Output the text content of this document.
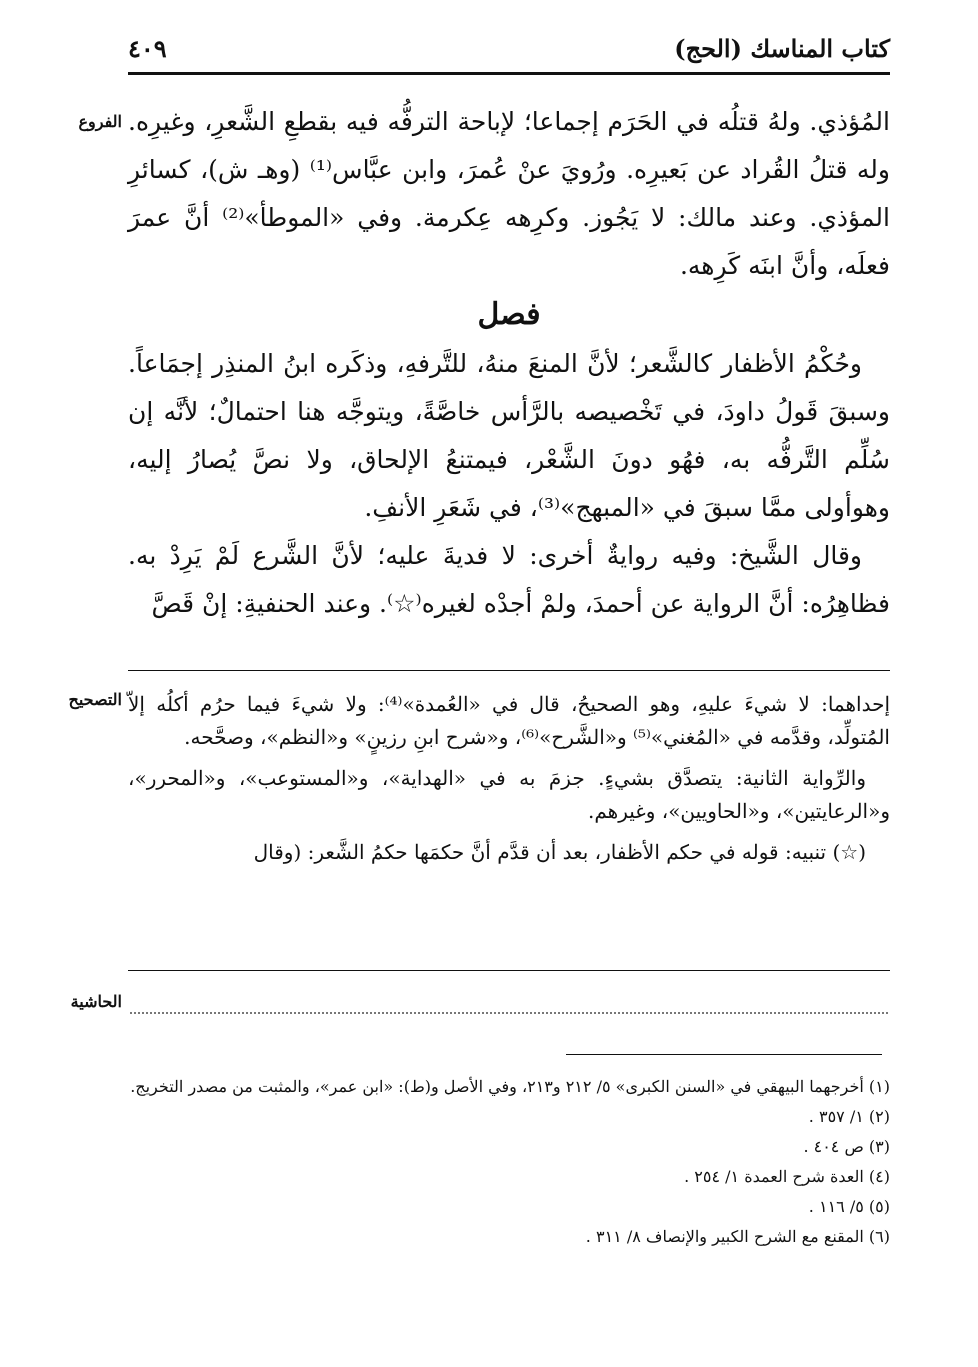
كتاب المناسك (الحج)
٤٠٩
الفروع المُؤذي. ولهُ قتلُه في الحَرَم إجماعا؛ لإباحة الترفُّه فيه بقطعِ الشَّعرِ، وغيرِه. وله قتلُ القُراد عن بَعيرِه. ورُويَ عنْ عُمرَ، وابن عبَّاس⁽¹⁾ (وهـ ش)، كسائرِ المؤذي. وعند مالك: لا يَجُوز. وكرِهه عِكرمة. وفي «الموطأ»⁽²⁾ أنَّ عمرَ فعلَه، وأنَّ ابنَه كَرِهه.

فصل

وحُكْمُ الأظفار كالشَّعر؛ لأنَّ المنعَ منهُ، للتَّرفهِ، وذكَره ابنُ المنذِر إجمَاعاً. وسبقَ قَولُ داودَ، في تَخْصيصه بالرَّأس خاصَّةً، ويتوجَّه هنا احتمالٌ؛ لأنَّه إن سُلِّم التَّرفُّه به، فهُو دونَ الشَّعْر، فيمتنعُ الإلحاق، ولا نصَّ يُصارُ إليه، وهوأولى ممَّا سبقَ في «المبهج»⁽³⁾، في شَعَرِ الأنفِ.

وقال الشَّيخ: وفيه روايةٌ أخرى: لا فديةَ عليه؛ لأنَّ الشَّرع لَمْ يَرِدْ به. فظاهِرُه: أنَّ الرواية عن أحمدَ، ولمْ أجدْه لغيره⁽☆⁾. وعند الحنفيةِ: إنْ قَصَّ

التصحيح إحداهما: لا شيءَ عليهِ، وهو الصحيحُ، قال في «العُمدة»⁽⁴⁾: ولا شيءَ فيما حرُم أكلُه إلاّ المُتولِّد، وقدَّمه في «المُغني»⁽⁵⁾ و«الشَّرح»⁽⁶⁾، و«شرح ابنِ رزينٍ» و«النظم»، وصحَّحه.

والرِّواية الثانية: يتصدَّق بشيءٍ. جزمَ به في «الهداية»، و«المستوعب»، و«المحرر»، و«الرعايتين»، و«الحاويين»، وغيرهم.

(☆) تنبيه: قوله في حكم الأظفار، بعد أن قدَّم أنَّ حكمَها حكمُ الشَّعر: (وقال

الحاشية
(١) أخرجهما البيهقي في «السنن الكبرى» ٥/ ٢١٢ و٢١٣، وفي الأصل و(ط): «ابن عمر»، والمثبت من مصدر التخريج.
(٢) ١/ ٣٥٧ .
(٣) ص ٤٠٤ .
(٤) العدة شرح العمدة ١/ ٢٥٤ .
(٥) ٥/ ١١٦ .
(٦) المقنع مع الشرح الكبير والإنصاف ٨/ ٣١١ .
